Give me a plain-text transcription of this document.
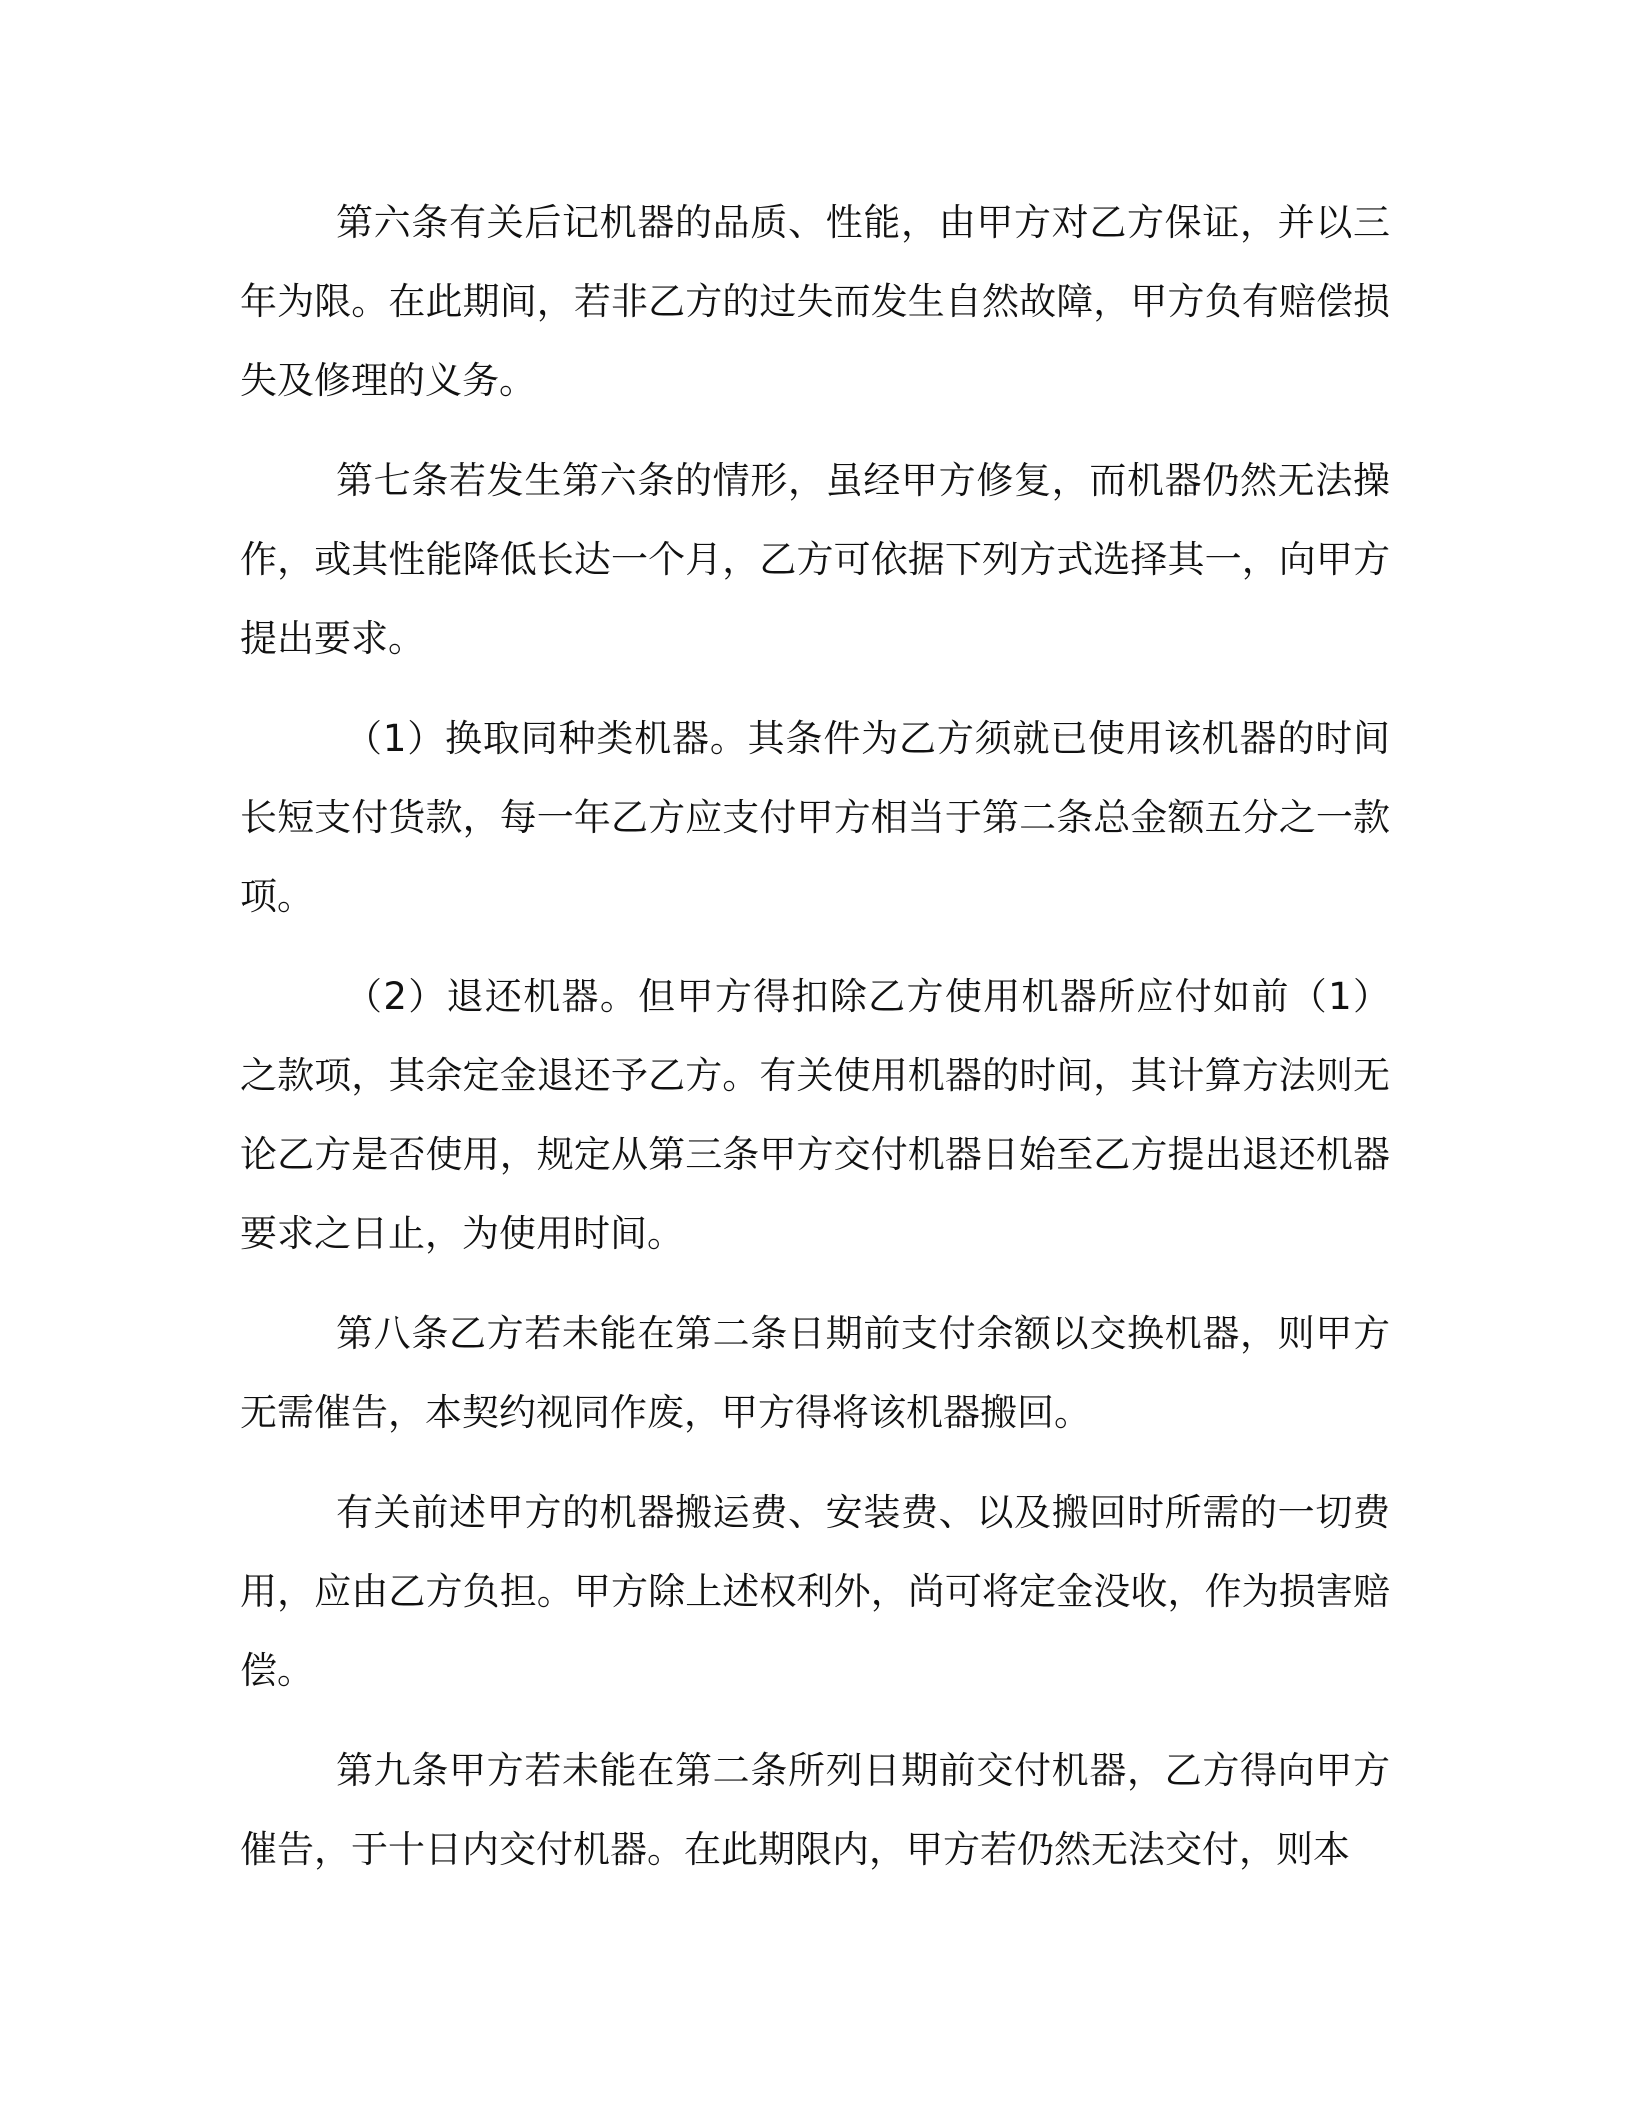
第六条有关后记机器的品质、性能，由甲方对乙方保证，并以三年为限。在此期间，若非乙方的过失而发生自然故障，甲方负有赔偿损失及修理的义务。

第七条若发生第六条的情形，虽经甲方修复，而机器仍然无法操作，或其性能降低长达一个月，乙方可依据下列方式选择其一，向甲方提出要求。

（1）换取同种类机器。其条件为乙方须就已使用该机器的时间长短支付货款，每一年乙方应支付甲方相当于第二条总金额五分之一款项。

（2）退还机器。但甲方得扣除乙方使用机器所应付如前（1）之款项，其余定金退还予乙方。有关使用机器的时间，其计算方法则无论乙方是否使用，规定从第三条甲方交付机器日始至乙方提出退还机器要求之日止，为使用时间。

第八条乙方若未能在第二条日期前支付余额以交换机器，则甲方无需催告，本契约视同作废，甲方得将该机器搬回。

有关前述甲方的机器搬运费、安装费、以及搬回时所需的一切费用，应由乙方负担。甲方除上述权利外，尚可将定金没收，作为损害赔偿。

第九条甲方若未能在第二条所列日期前交付机器，乙方得向甲方催告，于十日内交付机器。在此期限内，甲方若仍然无法交付，则本
